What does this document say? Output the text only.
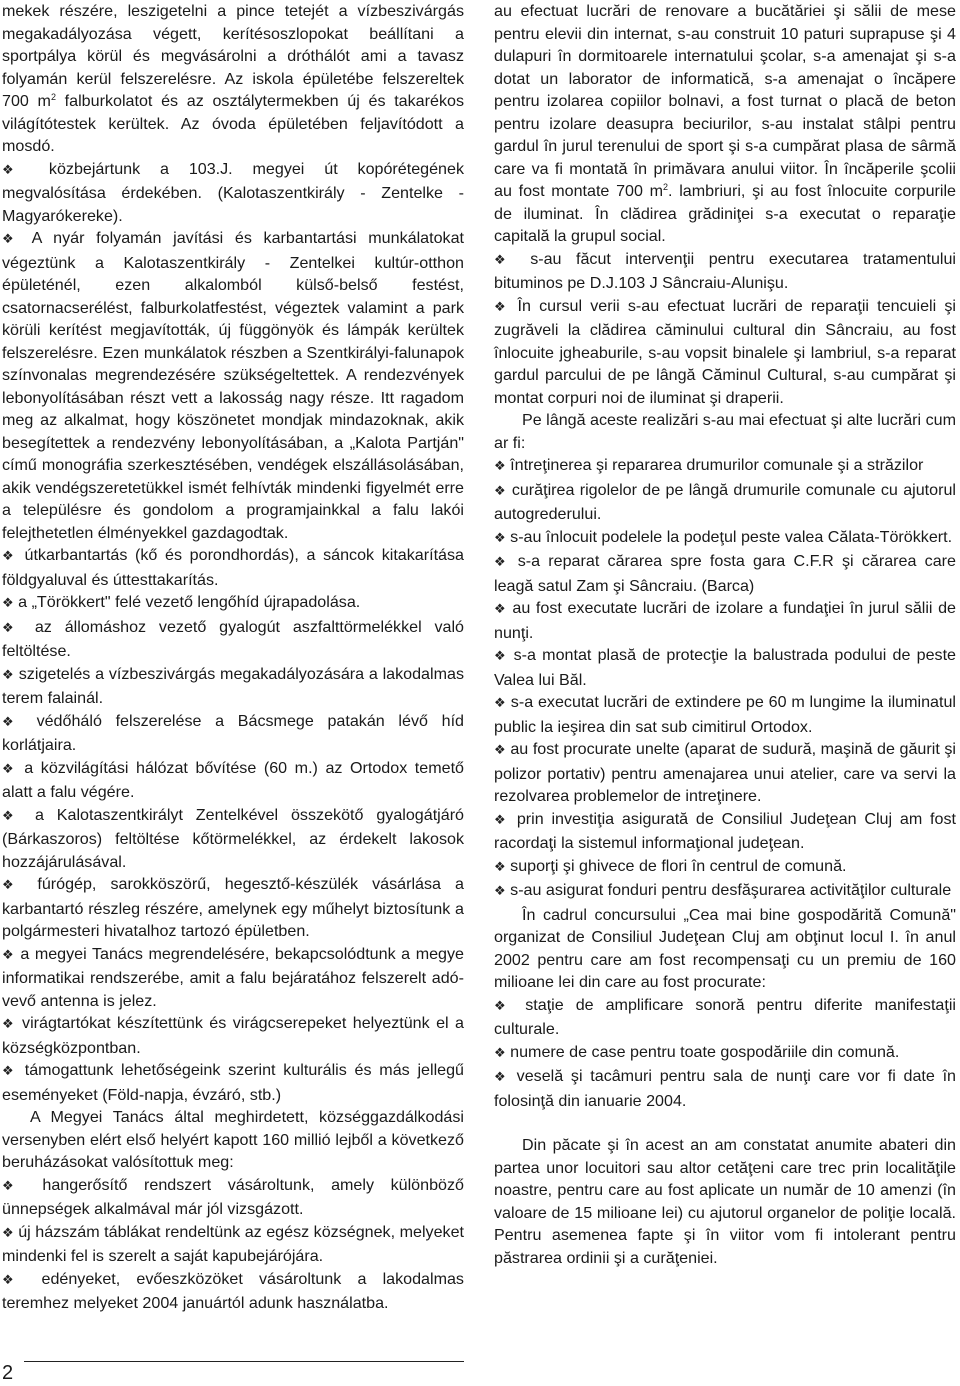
mekek részére, leszigetelni a pince tetejét a vízbeszivárgás megakadályozása végett, kerítésoszlopokat beállítani a sportpálya körül és megvásárolni a dróthálót ami a tavasz folyamán kerül felszerelésre. Az iskola épületébe felszereltek 700 $m^2$ falburkolatot és az osztálytermekben új és takarékos világítótestek kerültek. Az óvoda épületében feljavítódott a mosdó.

❖ közbejártunk a 103.J. megyei út kopórétegének megvalósítása érdekében. (Kalotaszentkirály - Zentelke - Magyarókereke).

❖ A nyár folyamán javítási és karbantartási munkálatokat végeztünk a Kalotaszentkirály - Zentelkei kultúr-otthon épületénél, ezen alkalomból külső-belső festést, csatornacserélést, falburkolatfestést, végeztek valamint a park körüli kerítést megjavították, új függönyök és lámpák kerültek felszerelésre. Ezen munkálatok részben a Szentkirályi-falunapok színvonalas megrendezésére szükségeltettek. A rendezvények lebonyolításában részt vett a lakosság nagy része. Itt ragadom meg az alkalmat, hogy köszönetet mondjak mindazoknak, akik besegítettek a rendezvény lebonyolításában, a „Kalota Partján" című monográfia szerkesztésében, vendégek elszállásolásában, akik vendégszeretetükkel ismét felhívták mindenki figyelmét erre a településre és gondolom a programjainkkal a falu lakói felejthetetlen élményekkel gazdagodtak.

❖ útkarbantartás (kő és porondhordás), a sáncok kitakarítása földgyaluval és úttesttakarítás.

❖ a „Törökkert" felé vezető lengőhíd újrapadolása.

❖ az állomáshoz vezető gyalogút aszfalttörmelékkel való feltöltése.

❖ szigetelés a vízbeszivárgás megakadályozására a lakodalmas terem falainál.

❖ védőháló felszerelése a Bácsmege patakán lévő híd korlátjaira.

❖ a közvilágítási hálózat bővítése (60 m.) az Ortodox temető alatt a falu végére.

❖ a Kalotaszentkirályt Zentelkével összekötő gyalogátjáró (Bárkaszoros) feltöltése kőtörmelékkel, az érdekelt lakosok hozzájárulásával.

❖ fúrógép, sarokköszörű, hegesztő-készülék vásárlása a karbantartó részleg részére, amelynek egy műhelyt biztosítunk a polgármesteri hivatalhoz tartozó épületben.

❖ a megyei Tanács megrendelésére, bekapcsolódtunk a megye informatikai rendszerébe, amit a falu bejáratához felszerelt adó-vevő antenna is jelez.

❖ virágtartókat készítettünk és virágcserepeket helyeztünk el a községközpontban.

❖ támogattunk lehetőségeink szerint kulturális és más jellegű eseményeket (Föld-napja, évzáró, stb.)

A Megyei Tanács által meghirdetett, községgazdálkodási versenyben elért első helyért kapott 160 millió lejből a következő beruházásokat valósítottuk meg:

❖ hangerősítő rendszert vásároltunk, amely különböző ünnepségek alkalmával már jól vizsgázott.

❖ új házszám táblákat rendeltünk az egész községnek, melyeket mindenki fel is szerelt a saját kapubejárójára.

❖ edényeket, evőeszközöket vásároltunk a lakodalmas teremhez melyeket 2004 januártól adunk használatba.

au efectuat lucrări de renovare a bucătăriei şi sălii de mese pentru elevii din internat, s-au construit 10 paturi suprapuse şi 4 dulapuri în dormitoarele internatului şcolar, s-a amenajat şi s-a dotat un laborator de informatică, s-a amenajat o încăpere pentru izolarea copiilor bolnavi, a fost turnat o placă de beton pentru izolare deasupra beciurilor, s-au instalat stâlpi pentru gardul în jurul terenului de sport şi s-a cumpărat plasa de sârmă care va fi montată în primăvara anului viitor. În încăperile şcolii au fost montate 700 $m^2$. lambriuri, şi au fost înlocuite corpurile de iluminat. În clădirea grădiniţei s-a executat o reparaţie capitală la grupul social.

❖ s-au făcut intervenţii pentru executarea tratamentului bituminos pe D.J.103 J Sâncraiu-Alunişu.

❖ În cursul verii s-au efectuat lucrări de reparaţii tencuieli şi zugrăveli la clădirea căminului cultural din Sâncraiu, au fost înlocuite jgheaburile, s-au vopsit binalele şi lambriul, s-a reparat gardul parcului de pe lângă Căminul Cultural, s-au cumpărat şi montat corpuri noi de iluminat şi draperii.

Pe lângă aceste realizări s-au mai efectuat şi alte lucrări cum ar fi:

❖ întreţinerea şi repararea drumurilor comunale şi a străzilor

❖ curăţirea rigolelor de pe lângă drumurile comunale cu ajutorul autogrederului.

❖ s-au înlocuit podelele la podeţul peste valea Călata-Törökkert.

❖ s-a reparat cărarea spre fosta gara C.F.R şi cărarea care leagă satul Zam şi Sâncraiu. (Barca)

❖ au fost executate lucrări de izolare a fundaţiei în jurul sălii de nunţi.

❖ s-a montat plasă de protecţie la balustrada podului de peste Valea lui Băl.

❖ s-a executat lucrări de extindere pe 60 m lungime la iluminatul public la ieşirea din sat sub cimitirul Ortodox.

❖ au fost procurate unelte (aparat de sudură, maşină de găurit şi polizor portativ) pentru amenajarea unui atelier, care va servi la rezolvarea problemelor de intreţinere.

❖ prin investiţia asigurată de Consiliul Judeţean Cluj am fost racordaţi la sistemul informaţional judeţean.

❖ suporţi şi ghivece de flori în centrul de comună.

❖ s-au asigurat fonduri pentru desfăşurarea activităţilor culturale

În cadrul concursului „Cea mai bine gospodărită Comună" organizat de Consiliul Judeţean Cluj am obţinut locul I. în anul 2002 pentru care am fost recompensaţi cu un premiu de 160 milioane lei din care au fost procurate:

❖ staţie de amplificare sonoră pentru diferite manifestaţii culturale.

❖ numere de case pentru toate gospodăriile din comună.

❖ veselă şi tacâmuri pentru sala de nunţi care vor fi date în folosinţă din ianuarie 2004.

Din păcate şi în acest an am constatat anumite abateri din partea unor locuitori sau altor cetăţeni care trec prin localităţile noastre, pentru care au fost aplicate un număr de 10 amenzi (în valoare de 15 milioane lei) cu ajutorul organelor de poliţie locală. Pentru asemenea fapte şi în viitor vom fi intolerant pentru păstrarea ordinii şi a curăţeniei.

2
